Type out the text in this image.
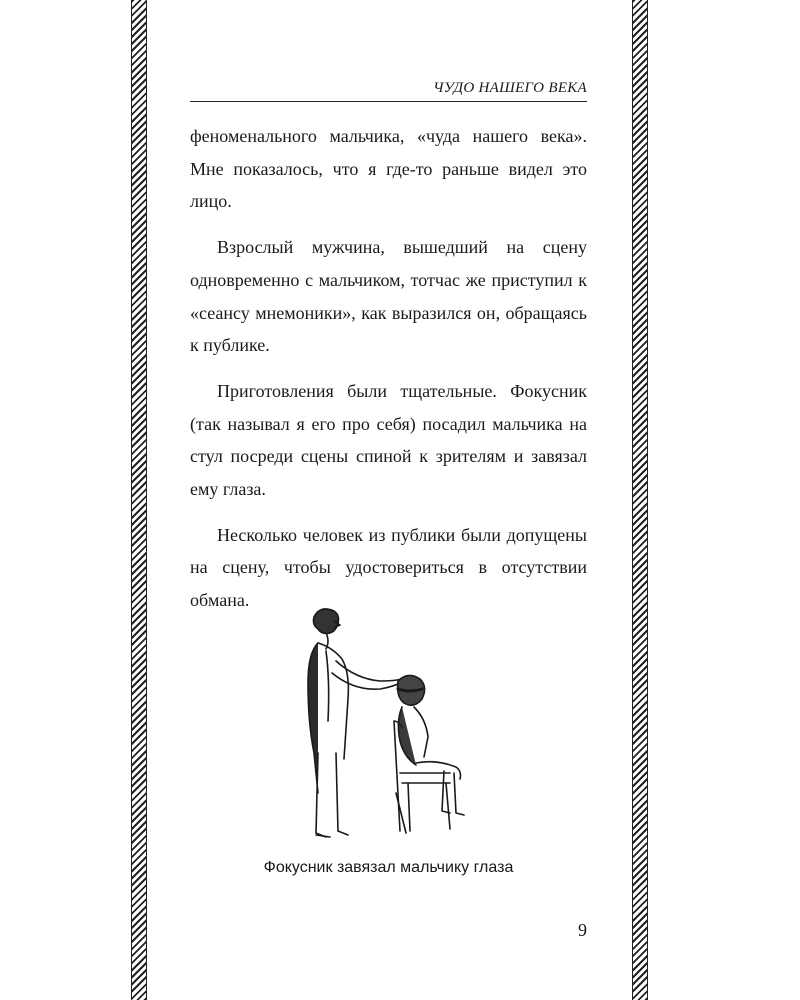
ЧУДО НАШЕГО ВЕКА

феноменального мальчика, «чуда нашего века». Мне показалось, что я где-то раньше видел это лицо.

Взрослый мужчина, вышедший на сцену одновременно с мальчиком, тотчас же приступил к «сеансу мнемоники», как выразился он, обращаясь к публике.

Приготовления были тщательные. Фокусник (так называл я его про себя) посадил мальчика на стул посреди сцены спиной к зрителям и завязал ему глаза.

Несколько человек из публики были допущены на сцену, чтобы удостовериться в отсутствии обмана.

Фокусник завязал мальчику глаза
9
